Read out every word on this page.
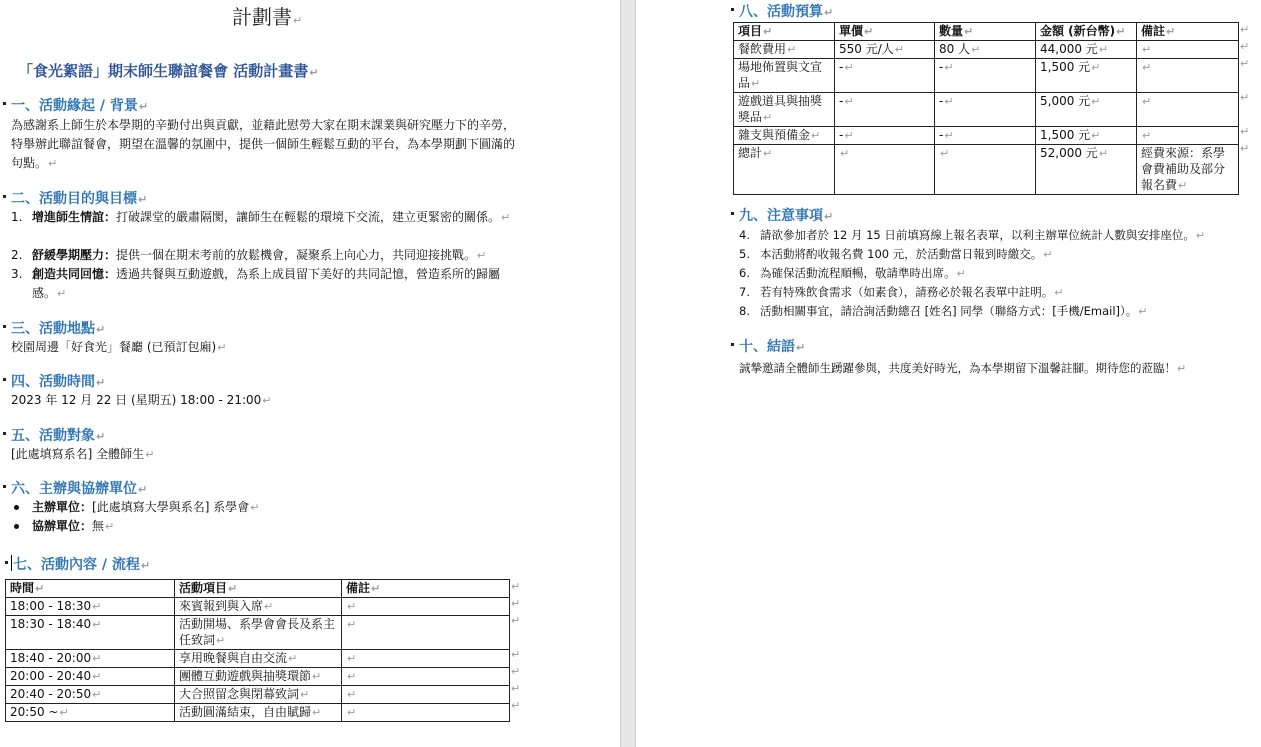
計劃書↵
「食光絮語」期末師生聯誼餐會 活動計畫書↵
一、活動緣起 / 背景↵
為感謝系上師生於本學期的辛勤付出與貢獻，並藉此慰勞大家在期末課業與研究壓力下的辛勞，特舉辦此聯誼餐會，期望在溫馨的氛圍中，提供一個師生輕鬆互動的平台，為本學期劃下圓滿的句點。↵
二、活動目的與目標↵
1. 增進師生情誼：打破課堂的嚴肅隔閡，讓師生在輕鬆的環境下交流，建立更緊密的關係。↵
2. 舒緩學期壓力：提供一個在期末考前的放鬆機會，凝聚系上向心力，共同迎接挑戰。↵
3. 創造共同回憶：透過共餐與互動遊戲，為系上成員留下美好的共同記憶，營造系所的歸屬感。↵
三、活動地點↵
校園周邊「好食光」餐廳 (已預訂包廂)↵
四、活動時間↵
2023 年 12 月 22 日 (星期五) 18:00 - 21:00↵
五、活動對象↵
[此處填寫系名] 全體師生↵
六、主辦與協辦單位↵
主辦單位：[此處填寫大學與系名] 系學會↵
協辦單位：無↵
七、活動內容 / 流程↵
時間↵	活動項目↵	備註↵
18:00 - 18:30↵	來賓報到與入席↵	↵
18:30 - 18:40↵	活動開場、系學會會長及系主任致詞↵	↵
18:40 - 20:00↵	享用晚餐與自由交流↵	↵
20:00 - 20:40↵	團體互動遊戲與抽獎環節↵	↵
20:40 - 20:50↵	大合照留念與閉幕致詞↵	↵
20:50 ~↵	活動圓滿結束，自由賦歸↵	↵
↵
↵
↵
↵
↵
↵
↵
八、活動預算↵
項目↵	單價↵	數量↵	金額 (新台幣)↵	備註↵
餐飲費用↵	550 元/人↵	80 人↵	44,000 元↵	↵
場地佈置與文宣品↵	-↵	-↵	1,500 元↵	↵
遊戲道具與抽獎獎品↵	-↵	-↵	5,000 元↵	↵
雜支與預備金↵	-↵	-↵	1,500 元↵	↵
總計↵	↵	↵	52,000 元↵	經費來源：系學會費補助及部分報名費↵
↵
↵
↵
↵
↵
↵
九、注意事項↵
4. 請欲參加者於 12 月 15 日前填寫線上報名表單，以利主辦單位統計人數與安排座位。↵
5. 本活動將酌收報名費 100 元，於活動當日報到時繳交。↵
6. 為確保活動流程順暢，敬請準時出席。↵
7. 若有特殊飲食需求（如素食），請務必於報名表單中註明。↵
8. 活動相關事宜，請洽詢活動總召 [姓名] 同學（聯絡方式：[手機/Email]）。↵
十、結語↵
誠摯邀請全體師生踴躍參與，共度美好時光，為本學期留下溫馨註腳。期待您的蒞臨！↵
